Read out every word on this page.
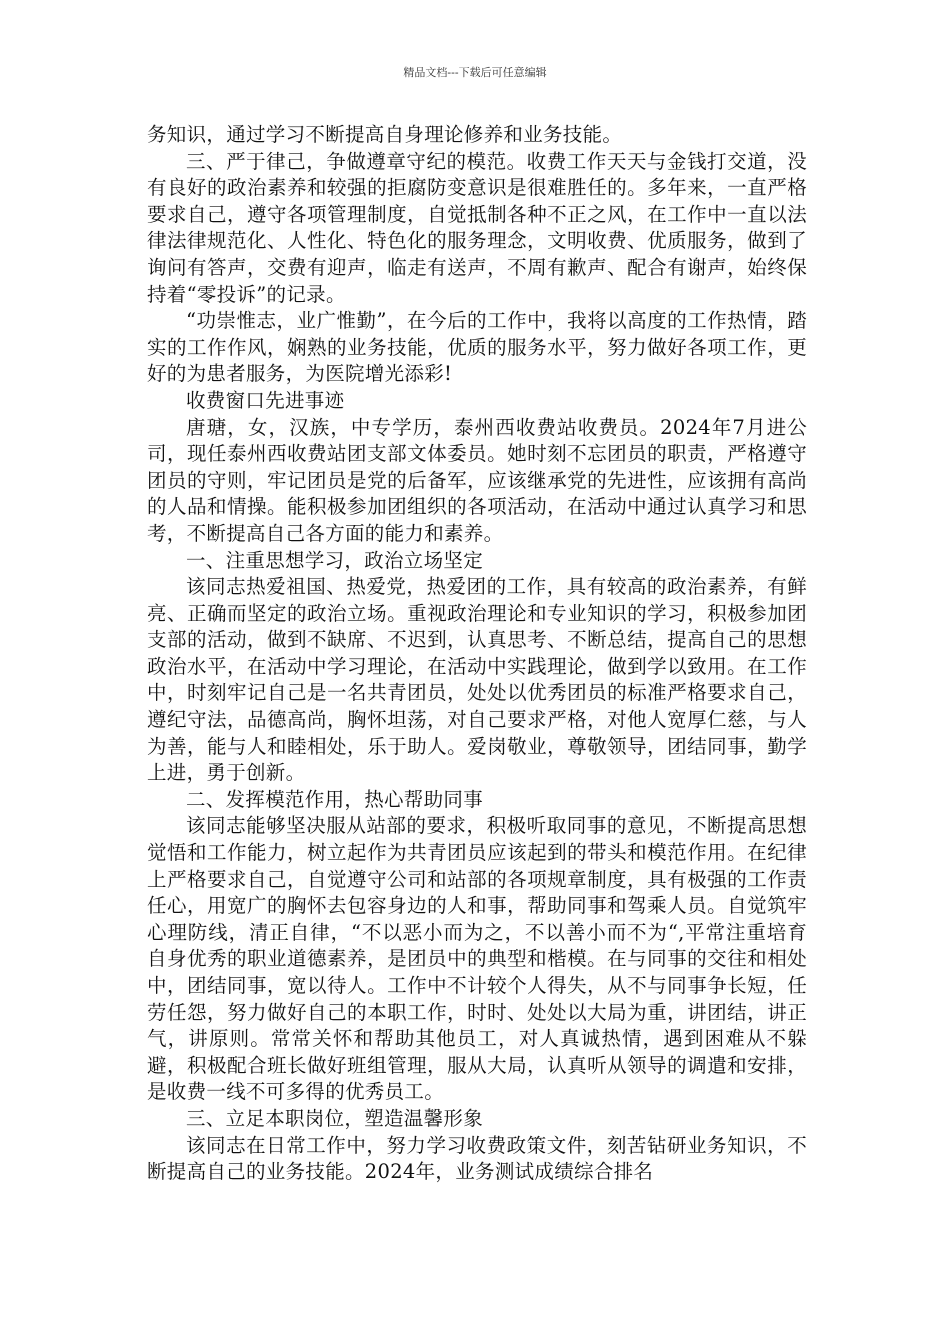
精品文档---下载后可任意编辑

务知识，通过学习不断提高自身理论修养和业务技能。

三、严于律己，争做遵章守纪的模范。收费工作天天与金钱打交道，没有良好的政治素养和较强的拒腐防变意识是很难胜任的。多年来，一直严格要求自己，遵守各项管理制度，自觉抵制各种不正之风，在工作中一直以法律法律规范化、人性化、特色化的服务理念，文明收费、优质服务，做到了询问有答声，交费有迎声，临走有送声，不周有歉声、配合有谢声，始终保持着“零投诉”的记录。

“功崇惟志，业广惟勤”，在今后的工作中，我将以高度的工作热情，踏实的工作作风，娴熟的业务技能，优质的服务水平，努力做好各项工作，更好的为患者服务，为医院增光添彩!

收费窗口先进事迹

唐瑭，女，汉族，中专学历，泰州西收费站收费员。2024年7月进公司，现任泰州西收费站团支部文体委员。她时刻不忘团员的职责，严格遵守团员的守则，牢记团员是党的后备军，应该继承党的先进性，应该拥有高尚的人品和情操。能积极参加团组织的各项活动，在活动中通过认真学习和思考，不断提高自己各方面的能力和素养。

一、注重思想学习，政治立场坚定

该同志热爱祖国、热爱党，热爱团的工作，具有较高的政治素养，有鲜亮、正确而坚定的政治立场。重视政治理论和专业知识的学习，积极参加团支部的活动，做到不缺席、不迟到，认真思考、不断总结，提高自己的思想政治水平，在活动中学习理论，在活动中实践理论，做到学以致用。在工作中，时刻牢记自己是一名共青团员，处处以优秀团员的标准严格要求自己，遵纪守法，品德高尚，胸怀坦荡，对自己要求严格，对他人宽厚仁慈，与人为善，能与人和睦相处，乐于助人。爱岗敬业，尊敬领导，团结同事，勤学上进，勇于创新。

二、发挥模范作用，热心帮助同事

该同志能够坚决服从站部的要求，积极听取同事的意见，不断提高思想觉悟和工作能力，树立起作为共青团员应该起到的带头和模范作用。在纪律上严格要求自己，自觉遵守公司和站部的各项规章制度，具有极强的工作责任心，用宽广的胸怀去包容身边的人和事，帮助同事和驾乘人员。自觉筑牢心理防线，清正自律，“不以恶小而为之，不以善小而不为“,平常注重培育自身优秀的职业道德素养，是团员中的典型和楷模。在与同事的交往和相处中，团结同事，宽以待人。工作中不计较个人得失，从不与同事争长短，任劳任怨，努力做好自己的本职工作，时时、处处以大局为重，讲团结，讲正气，讲原则。常常关怀和帮助其他员工，对人真诚热情，遇到困难从不躲避，积极配合班长做好班组管理，服从大局，认真听从领导的调遣和安排，是收费一线不可多得的优秀员工。

三、立足本职岗位，塑造温馨形象

该同志在日常工作中，努力学习收费政策文件，刻苦钻研业务知识，不断提高自己的业务技能。2024年，业务测试成绩综合排名
